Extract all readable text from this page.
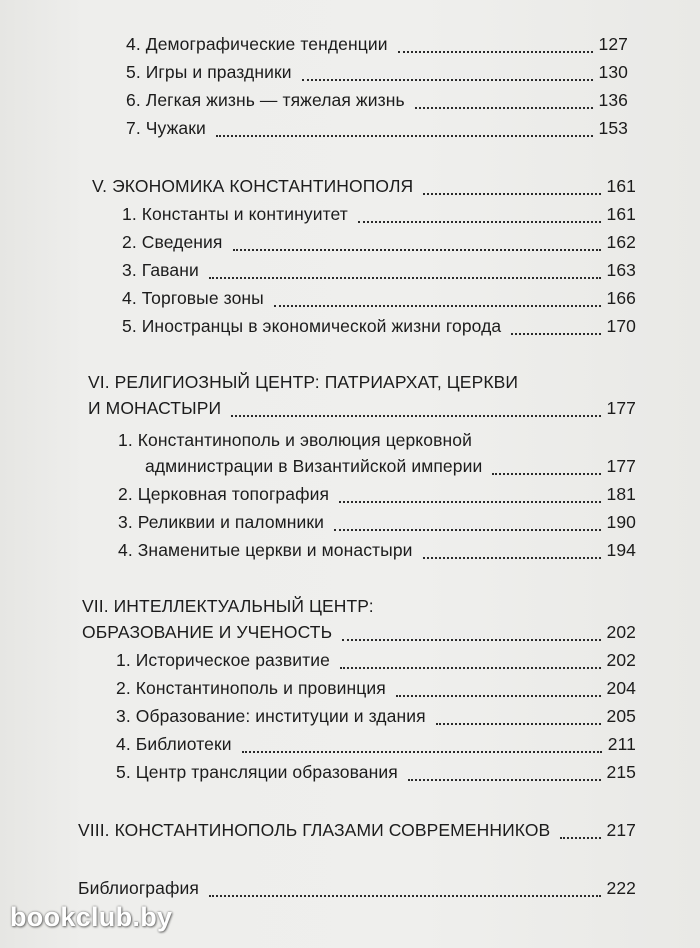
4. Демографические тенденции	127
5. Игры и праздники	130
6. Легкая жизнь — тяжелая жизнь	136
7. Чужаки	153
V. ЭКОНОМИКА КОНСТАНТИНОПОЛЯ	161
1. Константы и континуитет	161
2. Сведения	162
3. Гавани	163
4. Торговые зоны	166
5. Иностранцы в экономической жизни города	170
VI. РЕЛИГИОЗНЫЙ ЦЕНТР: ПАТРИАРХАТ, ЦЕРКВИ
И МОНАСТЫРИ	177
1. Константинополь и эволюция церковной
администрации в Византийской империи	177
2. Церковная топография	181
3. Реликвии и паломники	190
4. Знаменитые церкви и монастыри	194
VII. ИНТЕЛЛЕКТУАЛЬНЫЙ ЦЕНТР:
ОБРАЗОВАНИЕ И УЧЕНОСТЬ	202
1. Историческое развитие	202
2. Константинополь и провинция	204
3. Образование: институции и здания	205
4. Библиотеки	211
5. Центр трансляции образования	215
VIII. КОНСТАНТИНОПОЛЬ ГЛАЗАМИ СОВРЕМЕННИКОВ	217
Библиография	222
bookclub.by
